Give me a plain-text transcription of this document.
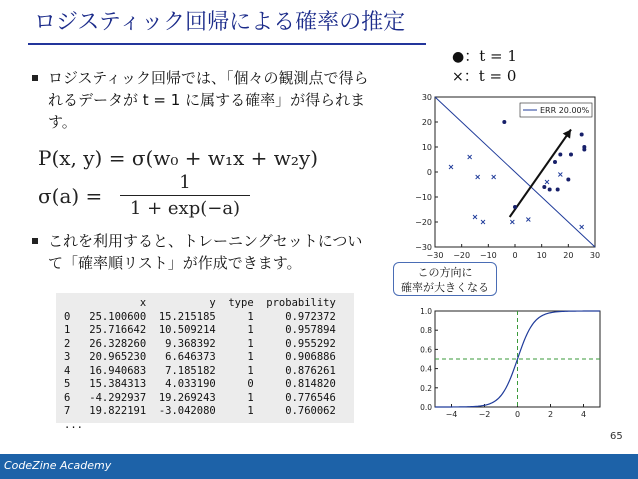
ロジスティック回帰による確率の推定
●：t = 1
×：t = 0
ロジスティック回帰では、「個々の観測点で得られるデータが t = 1 に属する確率」が得られます。
P(x, y) = σ(w₀ + w₁x + w₂y)
σ(a) =
1
1 + exp(−a)
これを利用すると、トレーニングセットについて「確率順リスト」が作成できます。
x          y  type  probability
0   25.100600  15.215185     1     0.972372
1   25.716642  10.509214     1     0.957894
2   26.328260   9.368392     1     0.955292
3   20.965230   6.646373     1     0.906886
4   16.940683   7.185182     1     0.876261
5   15.384313   4.033190     0     0.814820
6   -4.292937  19.269243     1     0.776546
7   19.822191  -3.042080     1     0.760062
...
−30 −20 −10 0 10 20 30
30
20
10
0
−10
−20
−30
ERR 20.00%
この方向に
確率が大きくなる
−4	−2	0	2	4
1.0
0.8
0.6
0.4
0.2
0.0
65
CodeZine Academy
